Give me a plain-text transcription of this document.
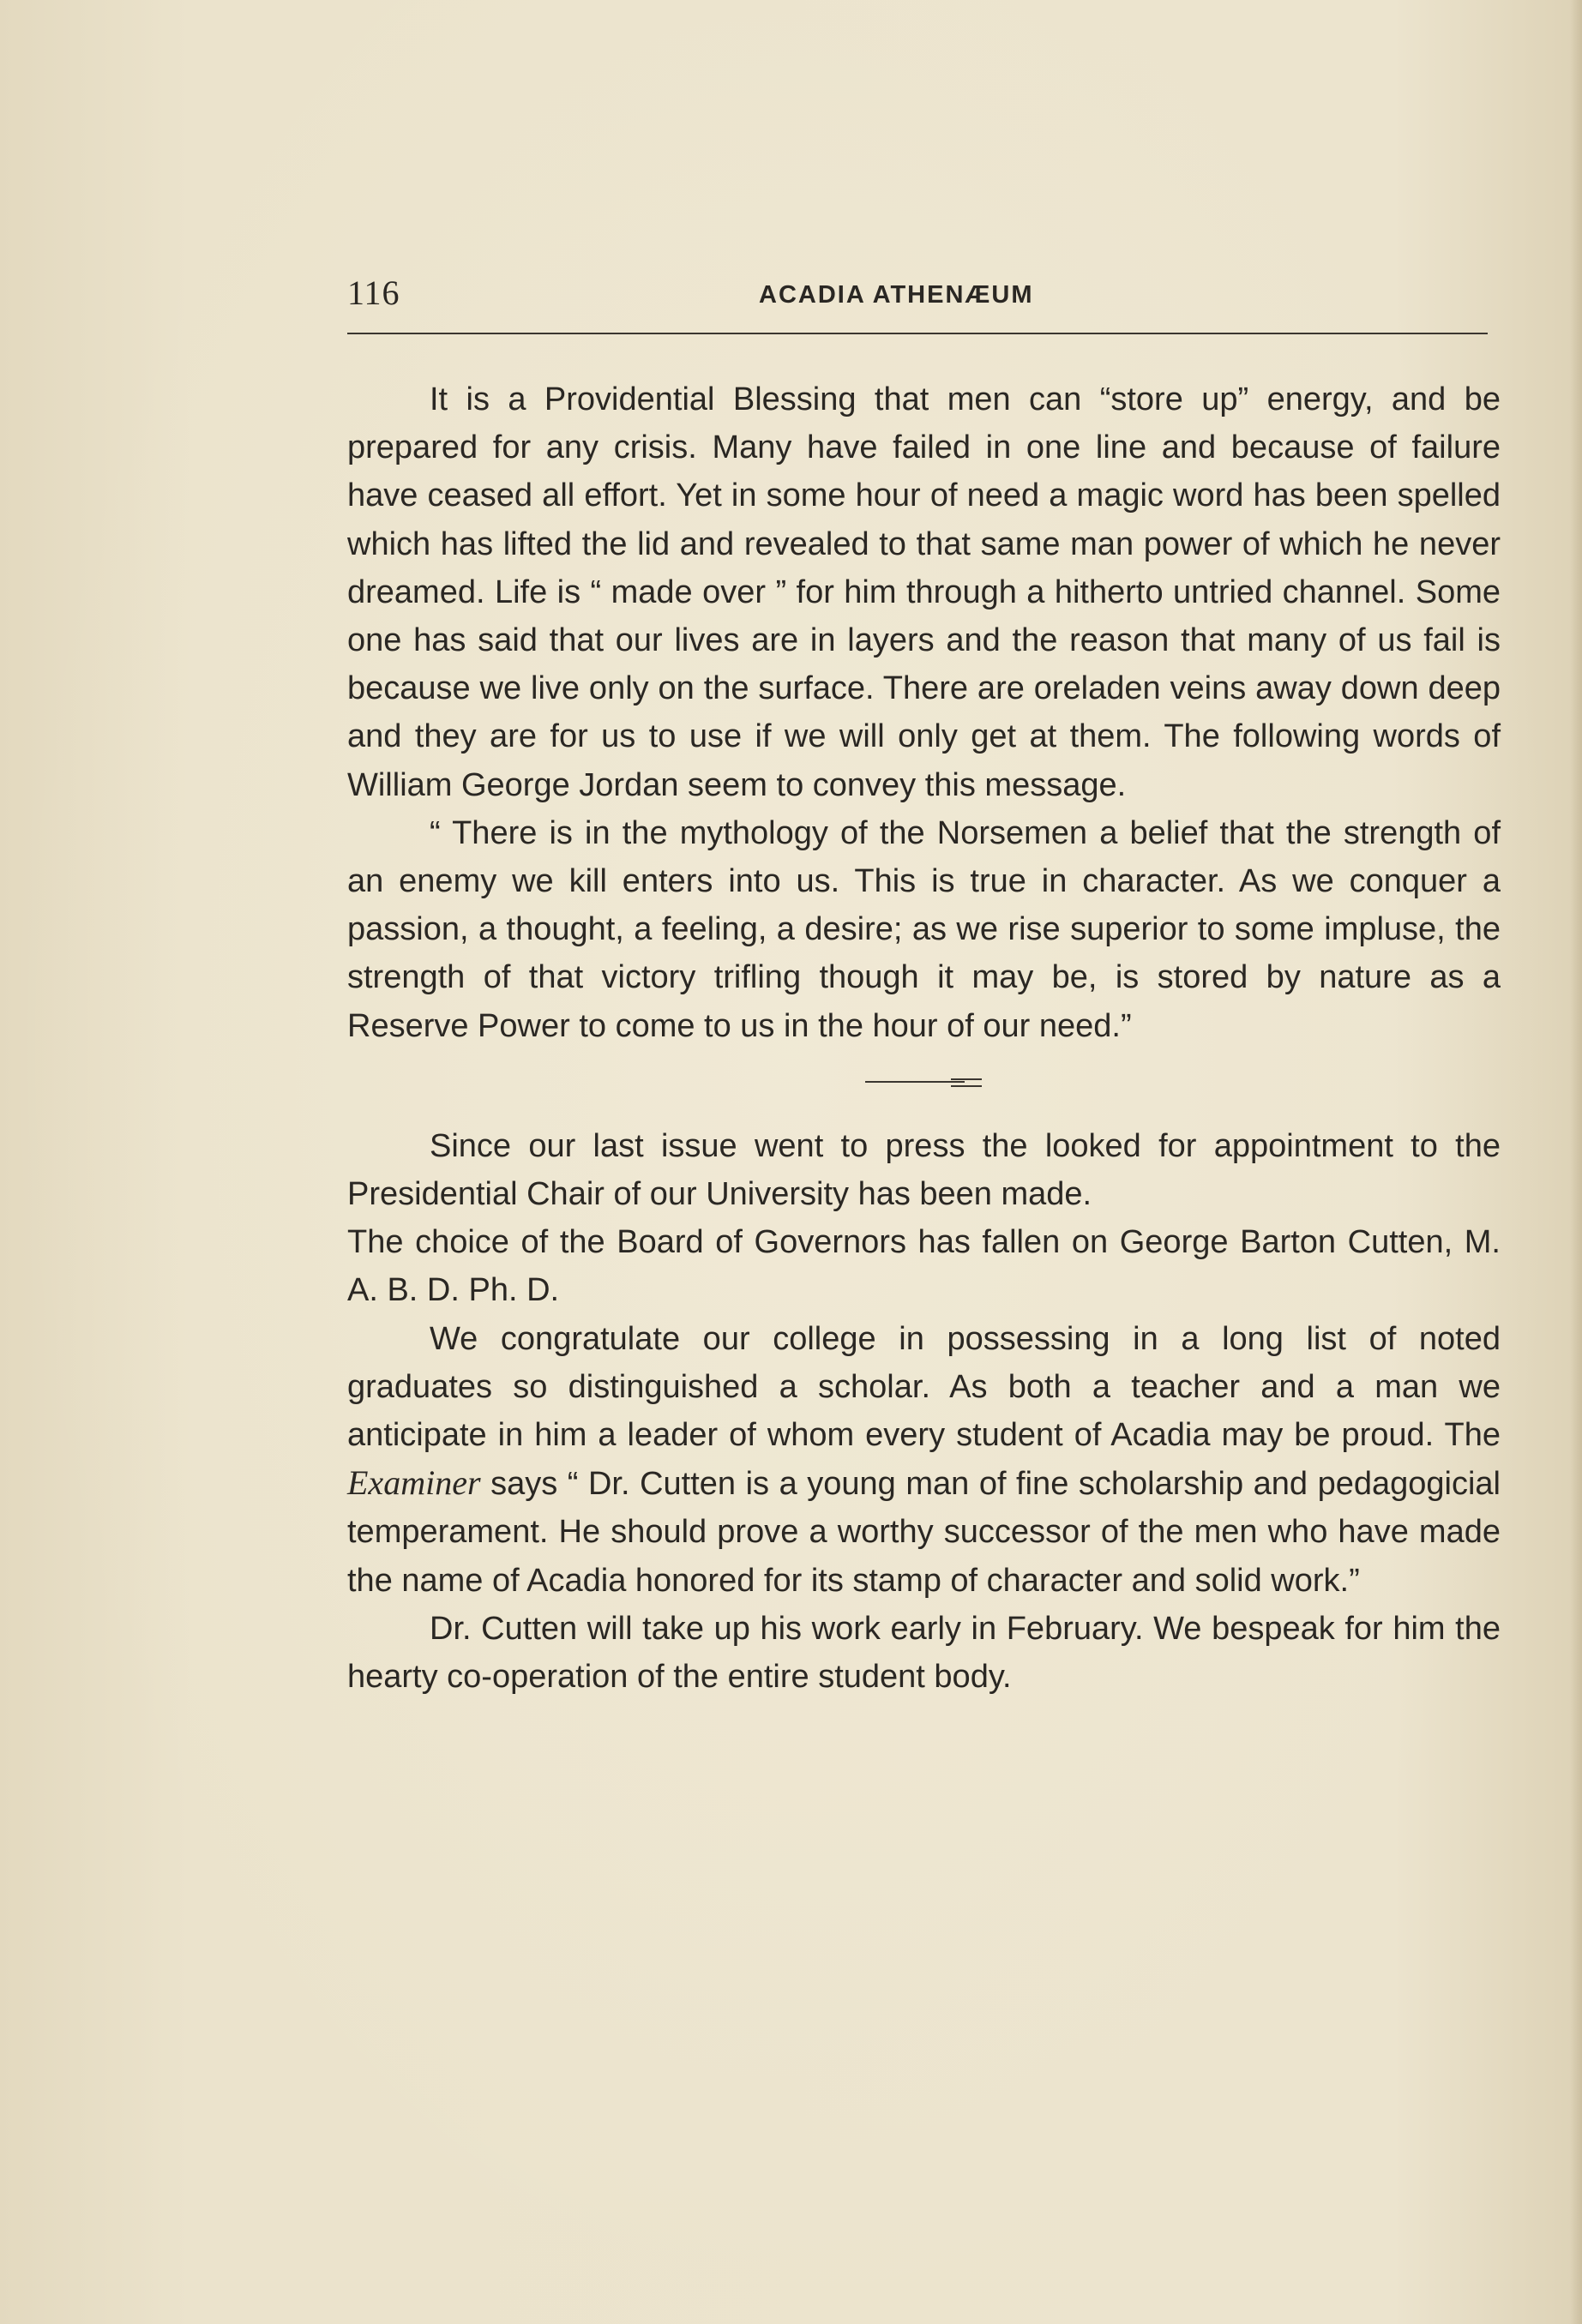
116	ACADIA ATHENÆUM

It is a Providential Blessing that men can “store up” energy, and be prepared for any crisis. Many have failed in one line and because of failure have ceased all effort. Yet in some hour of need a magic word has been spelled which has lifted the lid and revealed to that same man power of which he never dreamed. Life is “ made over ” for him through a hitherto untried channel. Some one has said that our lives are in layers and the reason that many of us fail is because we live only on the surface. There are oreladen veins away down deep and they are for us to use if we will only get at them. The following words of William George Jordan seem to convey this message.

“ There is in the mythology of the Norsemen a belief that the strength of an enemy we kill enters into us. This is true in character. As we conquer a passion, a thought, a feeling, a desire; as we rise superior to some impluse, the strength of that victory trifling though it may be, is stored by nature as a Reserve Power to come to us in the hour of our need.”

Since our last issue went to press the looked for appointment to the Presidential Chair of our University has been made.

The choice of the Board of Governors has fallen on George Barton Cutten, M. A. B. D. Ph. D.

We congratulate our college in possessing in a long list of noted graduates so distinguished a scholar. As both a teacher and a man we anticipate in him a leader of whom every student of Acadia may be proud. The Examiner says “ Dr. Cutten is a young man of fine scholarship and pedagogicial temperament. He should prove a worthy successor of the men who have made the name of Acadia honored for its stamp of character and solid work.”

Dr. Cutten will take up his work early in February. We bespeak for him the hearty co-operation of the entire student body.
